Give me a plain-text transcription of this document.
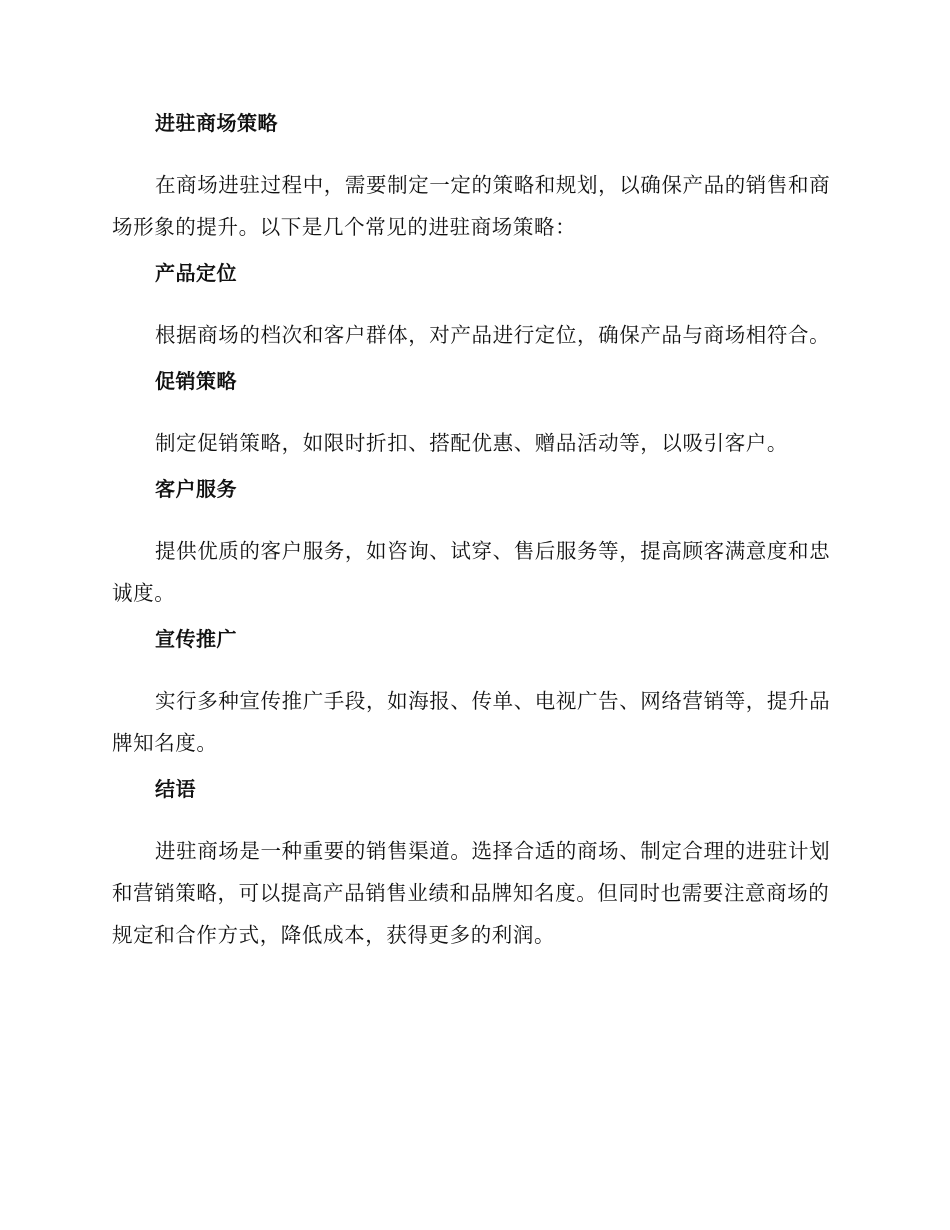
进驻商场策略

在商场进驻过程中，需要制定一定的策略和规划，以确保产品的销售和商场形象的提升。以下是几个常见的进驻商场策略：

产品定位

根据商场的档次和客户群体，对产品进行定位，确保产品与商场相符合。

促销策略

制定促销策略，如限时折扣、搭配优惠、赠品活动等，以吸引客户。

客户服务

提供优质的客户服务，如咨询、试穿、售后服务等，提高顾客满意度和忠诚度。

宣传推广

实行多种宣传推广手段，如海报、传单、电视广告、网络营销等，提升品牌知名度。

结语

进驻商场是一种重要的销售渠道。选择合适的商场、制定合理的进驻计划和营销策略，可以提高产品销售业绩和品牌知名度。但同时也需要注意商场的规定和合作方式，降低成本，获得更多的利润。
